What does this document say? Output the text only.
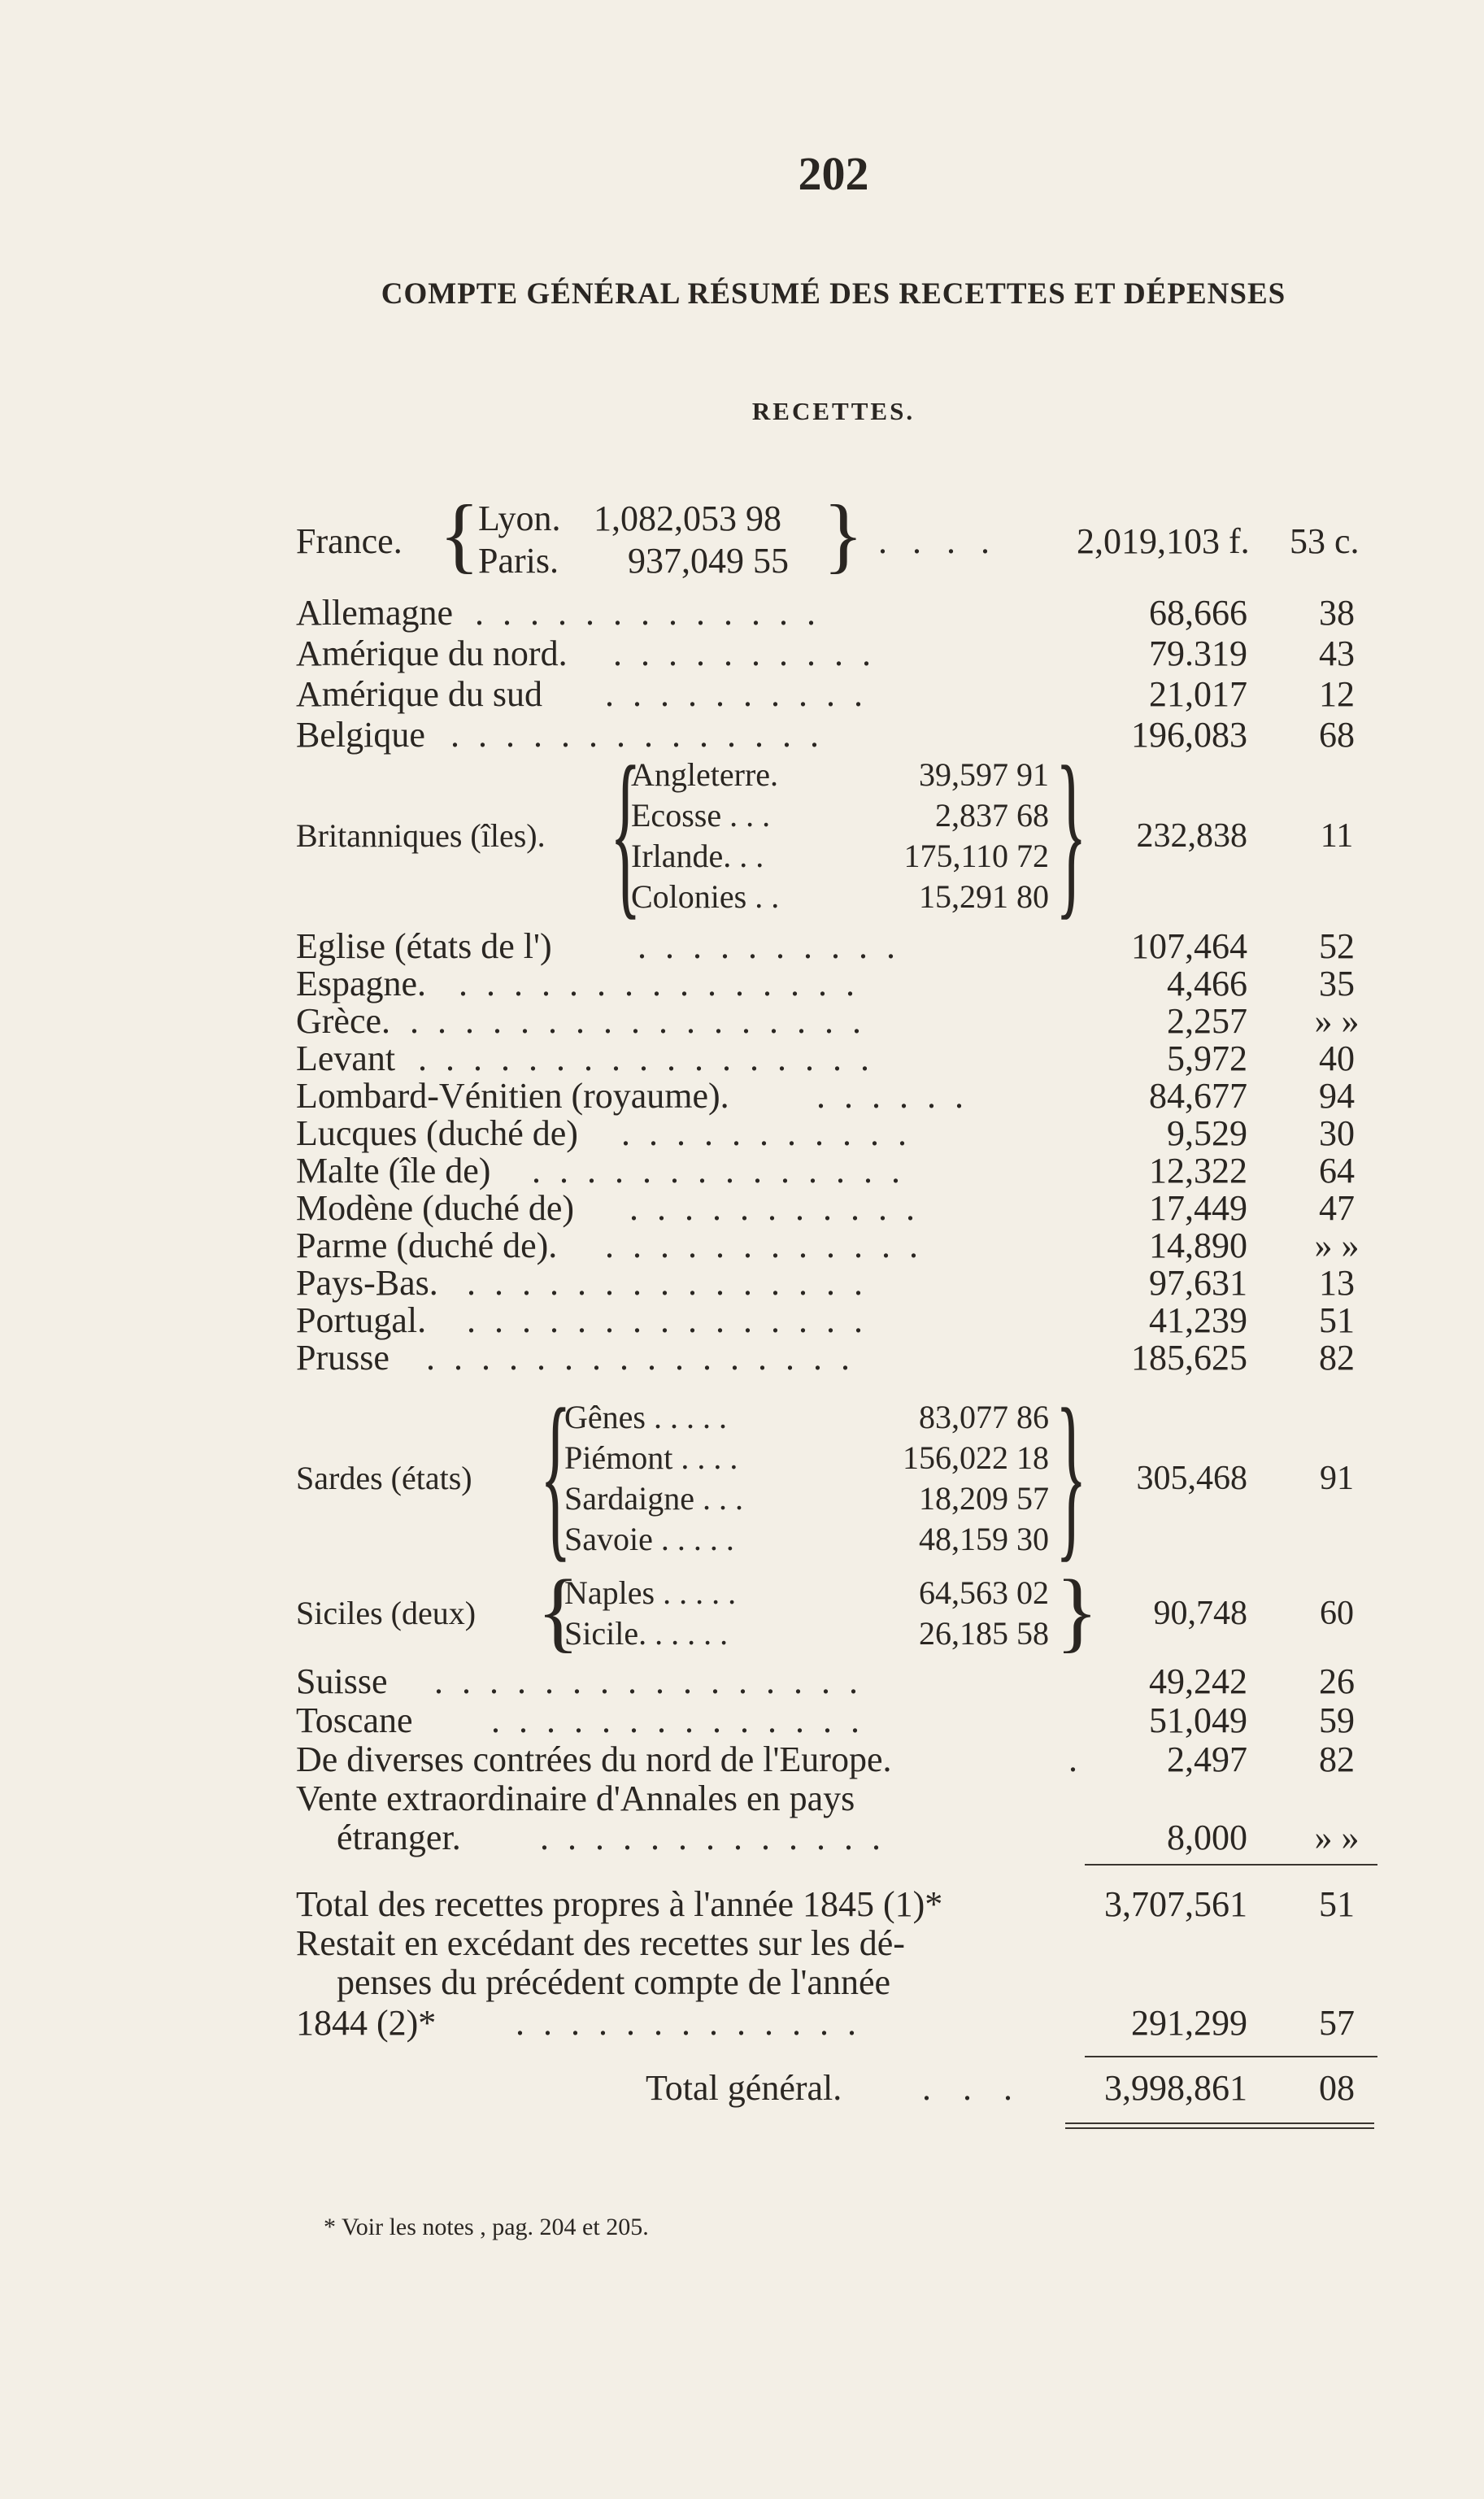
202
COMPTE GÉNÉRAL RÉSUMÉ DES RECETTES ET DÉPENSES
RECETTES.
France. {
Lyon. 1,082,053 98
Paris. 937,049 55 } . . . . 2,019,103 f. 53 c.
Allemagne . . . . . . . . . . . . .	68,666	38
Amérique du nord. . . . . . . . . . .	79.319	43
Amérique du sud . . . . . . . . . .	21,017	12
Belgique . . . . . . . . . . . . . .	196,083	68
Britanniques (îles). {
Angleterre.	39,597 91
Ecosse . . .	2,837 68
Irlande. . .	175,110 72
Colonies . .	15,291 80 }	232,838	11
Eglise (états de l') . . . . . . . . . .	107,464	52
Espagne. . . . . . . . . . . . . . . .	4,466	35
Grèce. . . . . . . . . . . . . . . . . .	2,257	» »
Levant . . . . . . . . . . . . . . . . .	5,972	40
Lombard-Vénitien (royaume). . . . . . .	84,677	94
Lucques (duché de) . . . . . . . . . . .	9,529	30
Malte (île de) . . . . . . . . . . . . . .	12,322	64
Modène (duché de) . . . . . . . . . . .	17,449	47
Parme (duché de). . . . . . . . . . . . .	14,890	» »
Pays-Bas. . . . . . . . . . . . . . . .	97,631	13
Portugal. . . . . . . . . . . . . . . .	41,239	51
Prusse . . . . . . . . . . . . . . . .	185,625	82
Sardes (états) {
Gênes . . . . .	83,077 86
Piémont . . . .	156,022 18
Sardaigne . . .	18,209 57
Savoie . . . . .	48,159 30 }	305,468	91
Siciles (deux) {
Naples . . . . .	64,563 02
Sicile. . . . . .	26,185 58 }	90,748	60
Suisse . . . . . . . . . . . . . . . .	49,242	26
Toscane . . . . . . . . . . . . . .	51,049	59
De diverses contrées du nord de l'Europe.	. 2,497	82
Vente extraordinaire d'Annales en pays
étranger. . . . . . . . . . . . . .	8,000	» »
Total des recettes propres à l'année 1845 (1)*	3,707,561	51
Restait en excédant des recettes sur les dé-
penses du précédent compte de l'année
1844 (2)* . . . . . . . . . . . . .	291,299	57
Total général. . . . 3,998,861	08
* Voir les notes , pag. 204 et 205.
